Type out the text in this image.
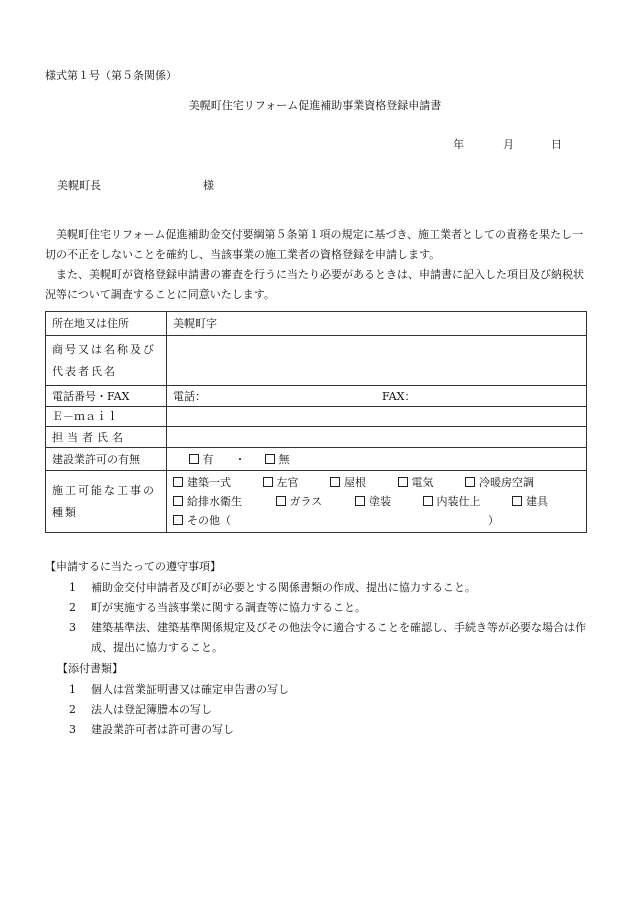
様式第１号（第５条関係）
美幌町住宅リフォーム促進補助事業資格登録申請書
年	月	日
美幌町長	様
美幌町住宅リフォーム促進補助金交付要綱第５条第１項の規定に基づき、施工業者としての責務を果たし一切の不正をしないことを確約し、当該事業の施工業者の資格登録を申請します。
また、美幌町が資格登録申請書の審査を行うに当たり必要があるときは、申請書に記入した項目及び納税状況等について調査することに同意いたします。
所在地又は住所	美幌町字
商号又は名称及び代表者氏名	
電話番号・FAX	電話： FAX：

Ｅ－ｍａｉｌ	
担当者氏名	
建設業許可の有無	有 ・ 無
施工可能な工事の種類	建築一式 左官 屋根 電気 冷暖房空調
給排水衛生 ガラス 塗装 内装仕上 建具
その他（ ）
【申請するに当たっての遵守事項】
1 補助金交付申請者及び町が必要とする関係書類の作成、提出に協力すること。
2 町が実施する当該事業に関する調査等に協力すること。
3 建築基準法、建築基準関係規定及びその他法令に適合することを確認し、手続き等が必要な場合は作成、提出に協力すること。
【添付書類】
1 個人は営業証明書又は確定申告書の写し
2 法人は登記簿謄本の写し
3 建設業許可者は許可書の写し
